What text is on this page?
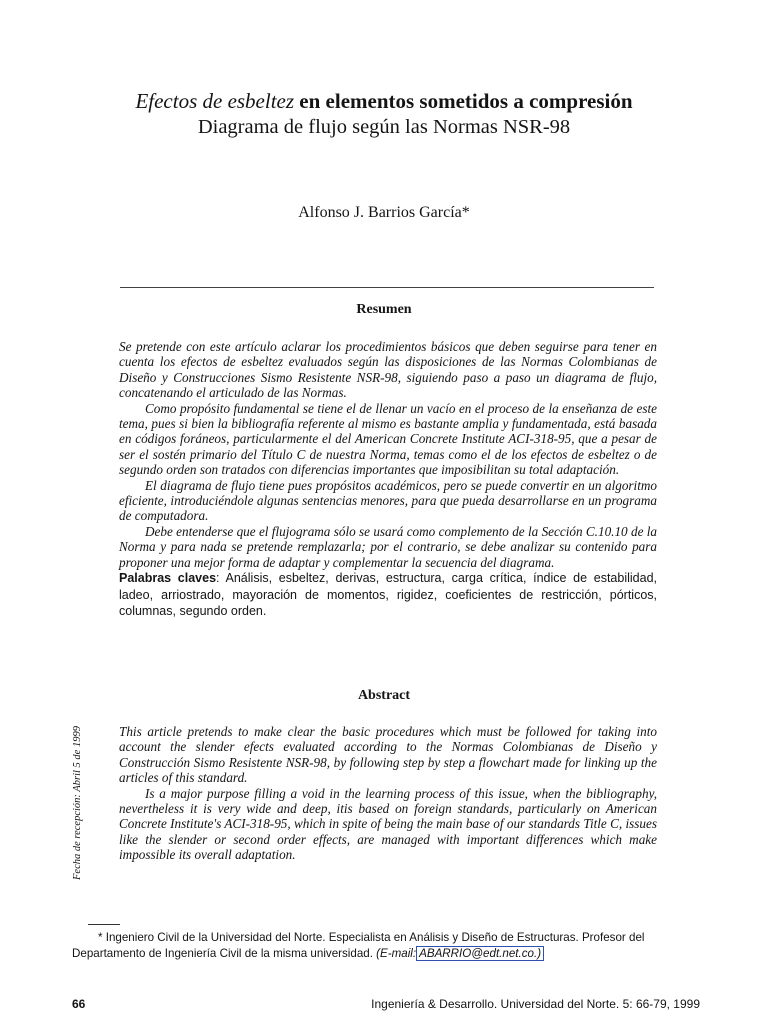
Efectos de esbeltez en elementos sometidos a compresión
Diagrama de flujo según las Normas NSR-98
Alfonso J. Barrios García*
Resumen

Se pretende con este artículo aclarar los procedimientos básicos que deben seguirse para tener en cuenta los efectos de esbeltez evaluados según las disposiciones de las Normas Colombianas de Diseño y Construcciones Sismo Resistente NSR-98, siguiendo paso a paso un diagrama de flujo, concatenando el articulado de las Normas.

Como propósito fundamental se tiene el de llenar un vacío en el proceso de la enseñanza de este tema, pues si bien la bibliografía referente al mismo es bastante amplia y fundamentada, está basada en códigos foráneos, particularmente el del American Concrete Institute ACI-318-95, que a pesar de ser el sostén primario del Título C de nuestra Norma, temas como el de los efectos de esbeltez o de segundo orden son tratados con diferencias importantes que imposibilitan su total adaptación.

El diagrama de flujo tiene pues propósitos académicos, pero se puede convertir en un algoritmo eficiente, introduciéndole algunas sentencias menores, para que pueda desarrollarse en un programa de computadora.

Debe entenderse que el flujograma sólo se usará como complemento de la Sección C.10.10 de la Norma y para nada se pretende remplazarla; por el contrario, se debe analizar su contenido para proponer una mejor forma de adaptar y complementar la secuencia del diagrama.

Palabras claves: Análisis, esbeltez, derivas, estructura, carga crítica, índice de estabilidad, ladeo, arriostrado, mayoración de momentos, rigidez, coeficientes de restricción, pórticos, columnas, segundo orden.
Abstract

This article pretends to make clear the basic procedures which must be followed for taking into account the slender efects evaluated according to the Normas Colombianas de Diseño y Construcción Sismo Resistente NSR-98, by following step by step a flowchart made for linking up the articles of this standard.

Is a major purpose filling a void in the learning process of this issue, when the bibliography, nevertheless it is very wide and deep, itis based on foreign standards, particularly on American Concrete Institute's ACI-318-95, which in spite of being the main base of our standards Title C, issues like the slender or second order effects, are managed with important differences which make impossible its overall adaptation.

Fecha de recepción: Abril 5 de 1999
* Ingeniero Civil de la Universidad del Norte. Especialista en Análisis y Diseño de Estructuras. Profesor del Departamento de Ingeniería Civil de la misma universidad. (E-mail: ABARRIO@edt.net.co.)
66	Ingeniería & Desarrollo. Universidad del Norte. 5: 66-79, 1999
